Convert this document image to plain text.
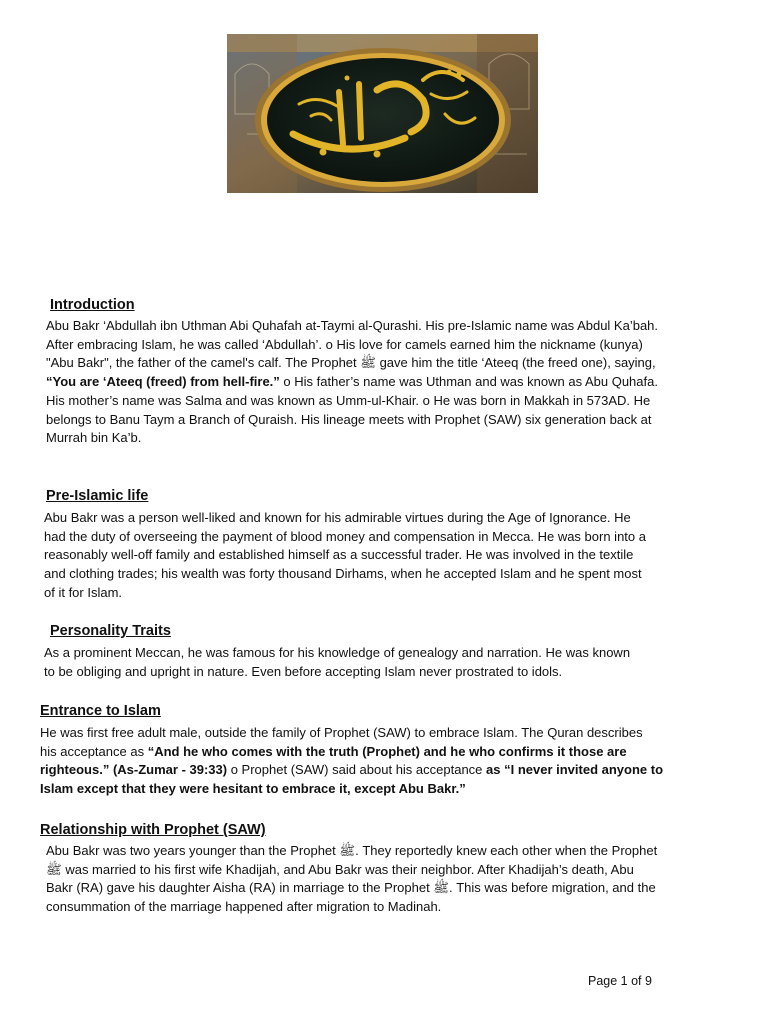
Introduction

Abu Bakr ‘Abdullah ibn Uthman Abi Quhafah at-Taymi al-Qurashi. His pre-Islamic name was Abdul Ka’bah.

After embracing Islam, he was called ‘Abdullah’. o His love for camels earned him the nickname (kunya)

"Abu Bakr", the father of the camel's calf. The Prophet ﷺ gave him the title ‘Ateeq (the freed one), saying,

“You are ‘Ateeq (freed) from hell-fire.” o His father’s name was Uthman and was known as Abu Quhafa.

His mother’s name was Salma and was known as Umm-ul-Khair. o He was born in Makkah in 573AD. He

belongs to Banu Taym a Branch of Quraish. His lineage meets with Prophet (SAW) six generation back at

Murrah bin Ka’b.

Pre-Islamic life

Abu Bakr was a person well-liked and known for his admirable virtues during the Age of Ignorance. He

had the duty of overseeing the payment of blood money and compensation in Mecca. He was born into a

reasonably well-off family and established himself as a successful trader. He was involved in the textile

and clothing trades; his wealth was forty thousand Dirhams, when he accepted Islam and he spent most

of it for Islam.

Personality Traits

As a prominent Meccan, he was famous for his knowledge of genealogy and narration. He was known

to be obliging and upright in nature. Even before accepting Islam never prostrated to idols.

Entrance to Islam

He was first free adult male, outside the family of Prophet (SAW) to embrace Islam. The Quran describes

his acceptance as “And he who comes with the truth (Prophet) and he who confirms it those are

righteous.” (As-Zumar - 39:33) o Prophet (SAW) said about his acceptance as “I never invited anyone to

Islam except that they were hesitant to embrace it, except Abu Bakr.”

Relationship with Prophet (SAW)

Abu Bakr was two years younger than the Prophet ﷺ. They reportedly knew each other when the Prophet

ﷺ was married to his first wife Khadijah, and Abu Bakr was their neighbor. After Khadijah’s death, Abu

Bakr (RA) gave his daughter Aisha (RA) in marriage to the Prophet ﷺ. This was before migration, and the

consummation of the marriage happened after migration to Madinah.

Page 1 of 9
